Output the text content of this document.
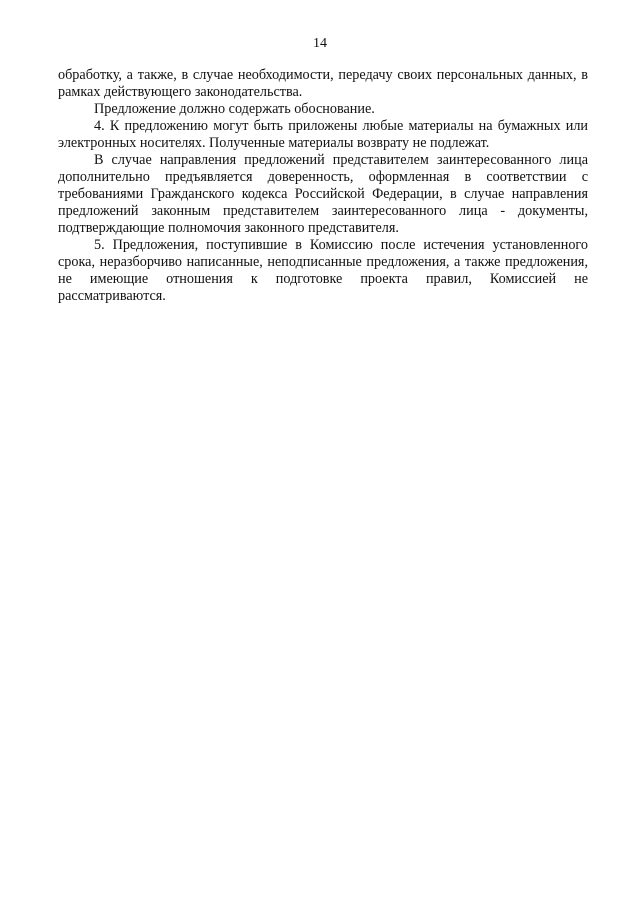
14

обработку, а также, в случае необходимости, передачу своих персональных данных, в рамках действующего законодательства.

Предложение должно содержать обоснование.

4. К предложению могут быть приложены любые материалы на бумажных или электронных носителях. Полученные материалы возврату не подлежат.

В случае направления предложений представителем заинтересованного лица дополнительно предъявляется доверенность, оформленная в соответствии с требованиями Гражданского кодекса Российской Федерации, в случае направления предложений законным представителем заинтересованного лица - документы, подтверждающие полномочия законного представителя.

5. Предложения, поступившие в Комиссию после истечения установленного срока, неразборчиво написанные, неподписанные предложения, а также предложения, не имеющие отношения к подготовке проекта правил, Комиссией не рассматриваются.
